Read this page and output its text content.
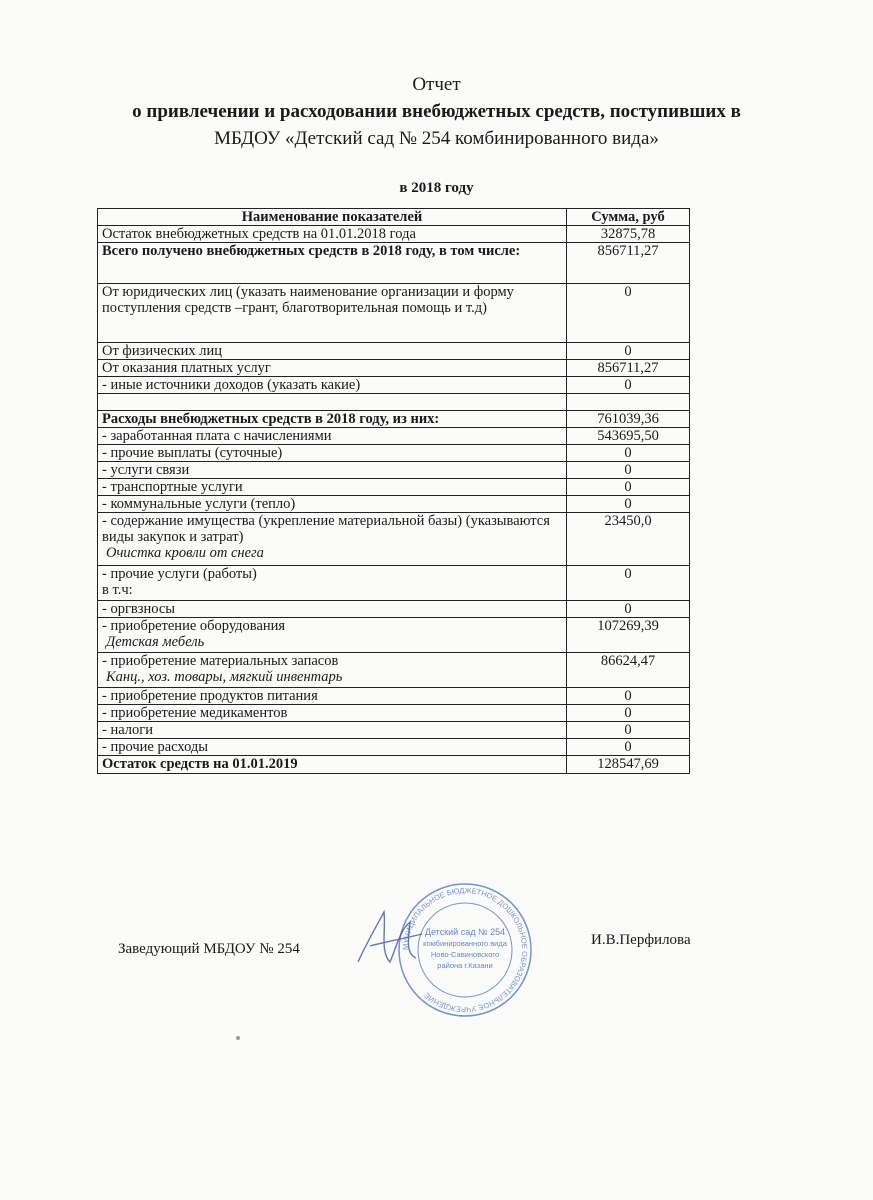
Отчет
о привлечении и расходовании внебюджетных средств, поступивших в
МБДОУ «Детский сад № 254 комбинированного вида»
в 2018 году
Наименование показателей	Сумма, руб
Остаток внебюджетных средств на 01.01.2018 года	32875,78
Всего получено внебюджетных средств в 2018 году, в том числе:	856711,27
От юридических лиц (указать наименование организации и форму поступления средств –грант, благотворительная помощь и т.д)	0
От физических лиц	0
От оказания платных услуг	856711,27
- иные источники доходов (указать какие)	0

Расходы внебюджетных средств в 2018 году, из них:	761039,36
- заработанная плата с начислениями	543695,50
- прочие выплаты (суточные)	0
- услуги связи	0
- транспортные услуги	0
- коммунальные услуги (тепло)	0
- содержание имущества (укрепление материальной базы) (указываются виды закупок и затрат)
Очистка кровли от снега	23450,0
- прочие услуги (работы)
в т.ч:	0
- оргвзносы	0
- приобретение оборудования
Детская мебель	107269,39
- приобретение материальных запасов
Канц., хоз. товары, мягкий инвентарь	86624,47
- приобретение продуктов питания	0
- приобретение медикаментов	0
- налоги	0
- прочие расходы	0
Остаток средств на 01.01.2019	128547,69
Заведующий МБДОУ № 254
И.В.Перфилова
МУНИЦИПАЛЬНОЕ БЮДЖЕТНОЕ ДОШКОЛЬНОЕ ОБРАЗОВАТЕЛЬНОЕ УЧРЕЖДЕНИЕ
Детский сад № 254
комбинированного вида
Ново-Савиновского
района г.Казани
